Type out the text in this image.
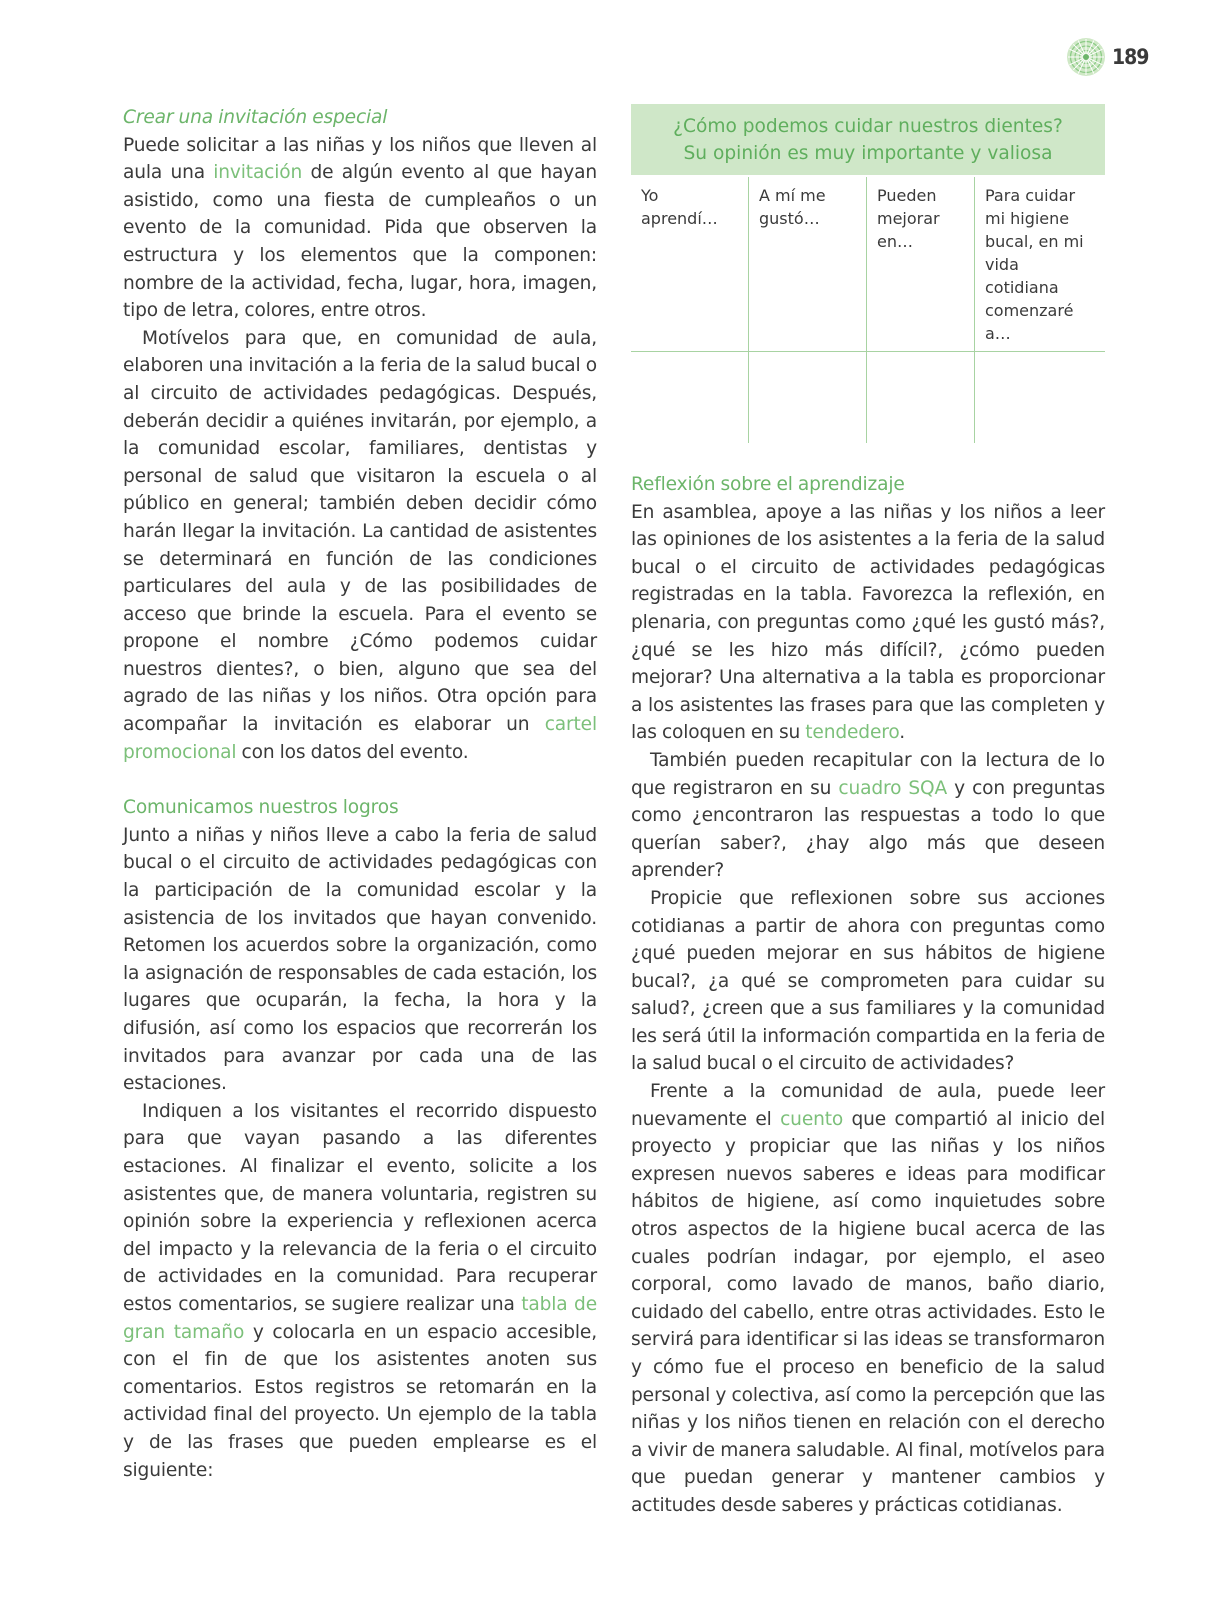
189
Crear una invitación especial

Puede solicitar a las niñas y los niños que lleven al aula una invitación de algún evento al que hayan asistido, como una fiesta de cumpleaños o un evento de la comunidad. Pida que observen la estructura y los elementos que la componen: nombre de la actividad, fecha, lugar, hora, imagen, tipo de letra, colores, entre otros.

Motívelos para que, en comunidad de aula, elaboren una invitación a la feria de la salud bucal o al circuito de actividades pedagógicas. Después, deberán decidir a quiénes invitarán, por ejemplo, a la comunidad escolar, familiares, dentistas y personal de salud que visitaron la escuela o al público en general; también deben decidir cómo harán llegar la invitación. La cantidad de asistentes se determinará en función de las condiciones particulares del aula y de las posibilidades de acceso que brinde la escuela. Para el evento se propone el nombre ¿Cómo podemos cuidar nuestros dientes?, o bien, alguno que sea del agrado de las niñas y los niños. Otra opción para acompañar la invitación es elaborar un cartel promocional con los datos del evento.

Comunicamos nuestros logros

Junto a niñas y niños lleve a cabo la feria de salud bucal o el circuito de actividades pedagógicas con la participación de la comunidad escolar y la asistencia de los invitados que hayan convenido. Retomen los acuerdos sobre la organización, como la asignación de responsables de cada estación, los lugares que ocuparán, la fecha, la hora y la difusión, así como los espacios que recorrerán los invitados para avanzar por cada una de las estaciones.

Indiquen a los visitantes el recorrido dispuesto para que vayan pasando a las diferentes estaciones. Al finalizar el evento, solicite a los asistentes que, de manera voluntaria, registren su opinión sobre la experiencia y reflexionen acerca del impacto y la relevancia de la feria o el circuito de actividades en la comunidad. Para recuperar estos comentarios, se sugiere realizar una tabla de gran tamaño y colocarla en un espacio accesible, con el fin de que los asistentes anoten sus comentarios. Estos registros se retomarán en la actividad final del proyecto. Un ejemplo de la tabla y de las frases que pueden emplearse es el siguiente:

¿Cómo podemos cuidar nuestros dientes?
Su opinión es muy importante y valiosa			

Yo aprendí…	A mí me gustó…	Pueden mejorar en…	Para cuidar mi higiene bucal, en mi vida cotidiana comenzaré a…

Reflexión sobre el aprendizaje

En asamblea, apoye a las niñas y los niños a leer las opiniones de los asistentes a la feria de la salud bucal o el circuito de actividades pedagógicas registradas en la tabla. Favorezca la reflexión, en plenaria, con preguntas como ¿qué les gustó más?, ¿qué se les hizo más difícil?, ¿cómo pueden mejorar? Una alternativa a la tabla es proporcionar a los asistentes las frases para que las completen y las coloquen en su tendedero.

También pueden recapitular con la lectura de lo que registraron en su cuadro SQA y con preguntas como ¿encontraron las respuestas a todo lo que querían saber?, ¿hay algo más que deseen aprender?

Propicie que reflexionen sobre sus acciones cotidianas a partir de ahora con preguntas como ¿qué pueden mejorar en sus hábitos de higiene bucal?, ¿a qué se comprometen para cuidar su salud?, ¿creen que a sus familiares y la comunidad les será útil la información compartida en la feria de la salud bucal o el circuito de actividades?

Frente a la comunidad de aula, puede leer nuevamente el cuento que compartió al inicio del proyecto y propiciar que las niñas y los niños expresen nuevos saberes e ideas para modificar hábitos de higiene, así como inquietudes sobre otros aspectos de la higiene bucal acerca de las cuales podrían indagar, por ejemplo, el aseo corporal, como lavado de manos, baño diario, cuidado del cabello, entre otras actividades. Esto le servirá para identificar si las ideas se transformaron y cómo fue el proceso en beneficio de la salud personal y colectiva, así como la percepción que las niñas y los niños tienen en relación con el derecho a vivir de manera saludable. Al final, motívelos para que puedan generar y mantener cambios y actitudes desde saberes y prácticas cotidianas.
